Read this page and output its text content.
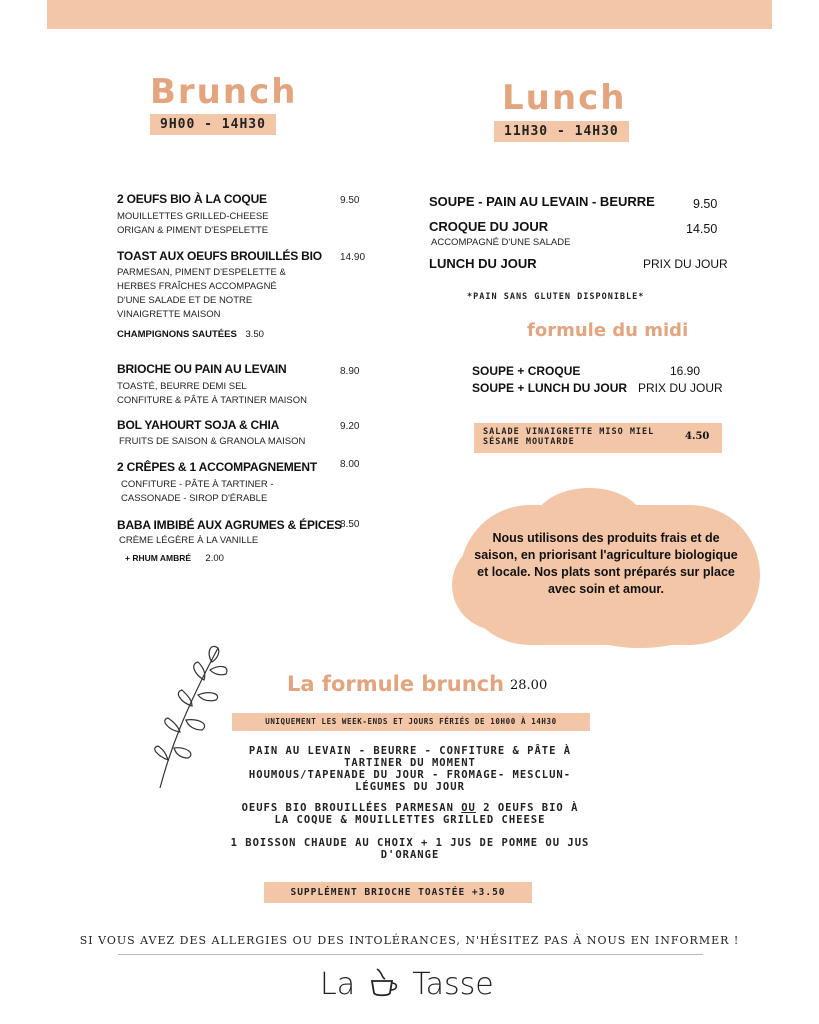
Brunch
9H00 - 14H30
Lunch
11H30 - 14H30
2 OEUFS BIO À LA COQUE	9.50
MOUILLETTES GRILLED-CHEESE
ORIGAN & PIMENT D'ESPELETTE
TOAST AUX OEUFS BROUILLÉS BIO 14.90
PARMESAN, PIMENT D'ESPELETTE &
HERBES FRAÎCHES ACCOMPAGNÉ
D'UNE SALADE ET DE NOTRE
VINAIGRETTE MAISON
CHAMPIGNONS SAUTÉES 3.50
BRIOCHE OU PAIN AU LEVAIN	8.90
TOASTÉ, BEURRE DEMI SEL
CONFITURE & PÂTE À TARTINER MAISON
BOL YAHOURT SOJA & CHIA	9.20
FRUITS DE SAISON & GRANOLA MAISON
2 CRÊPES & 1 ACCOMPAGNEMENT 8.00
CONFITURE - PÂTE À TARTINER -
CASSONADE - SIROP D'ÉRABLE
BABA IMBIBÉ AUX AGRUMES & ÉPICES
8.50
CRÈME LÉGÈRE À LA VANILLE
+ RHUM AMBRÉ 2.00
SOUPE - PAIN AU LEVAIN - BEURRE	9.50
CROQUE DU JOUR	14.50
ACCOMPAGNÉ D'UNE SALADE
LUNCH DU JOUR	PRIX DU JOUR
*PAIN SANS GLUTEN DISPONIBLE*
formule du midi
SOUPE + CROQUE	16.90
SOUPE + LUNCH DU JOUR PRIX DU JOUR
SALADE VINAIGRETTE MISO MIEL
SÉSAME MOUTARDE	4.50
Nous utilisons des produits frais et de saison, en priorisant l'agriculture biologique et locale. Nos plats sont préparés sur place avec soin et amour.
La formule brunch 28.00
UNIQUEMENT LES WEEK-ENDS ET JOURS FÉRIÉS DE 10H00 À 14H30
PAIN AU LEVAIN - BEURRE - CONFITURE & PÂTE À
TARTINER DU MOMENT
HOUMOUS/TAPENADE DU JOUR - FROMAGE- MESCLUN-
LÉGUMES DU JOUR
OEUFS BIO BROUILLÉES PARMESAN OU 2 OEUFS BIO À
LA COQUE & MOUILLETTES GRILLED CHEESE
1 BOISSON CHAUDE AU CHOIX + 1 JUS DE POMME OU JUS
D'ORANGE
SUPPLÉMENT BRIOCHE TOASTÉE +3.50
SI VOUS AVEZ DES ALLERGIES OU DES INTOLÉRANCES, N'HÉSITEZ PAS À NOUS EN INFORMER !
La Tasse
